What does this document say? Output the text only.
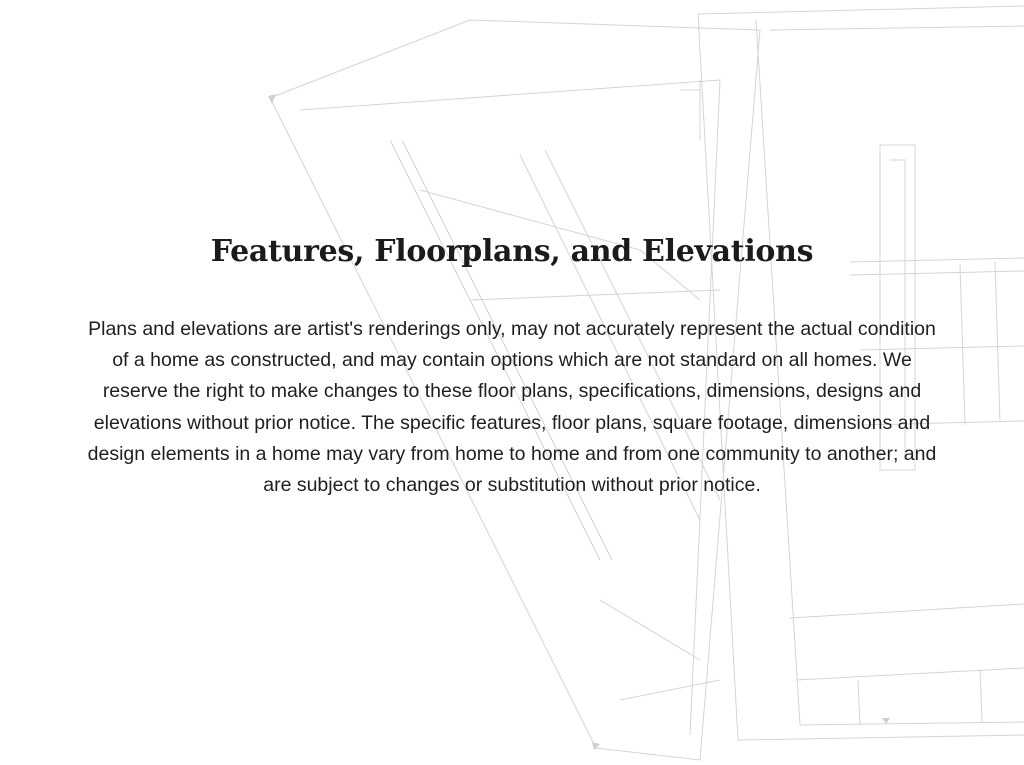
Features, Floorplans, and Elevations

Plans and elevations are artist's renderings only, may not accurately represent the actual condition of a home as constructed, and may contain options which are not standard on all homes. We reserve the right to make changes to these floor plans, specifications, dimensions, designs and elevations without prior notice. The specific features, floor plans, square footage, dimensions and design elements in a home may vary from home to home and from one community to another; and are subject to changes or substitution without prior notice.
